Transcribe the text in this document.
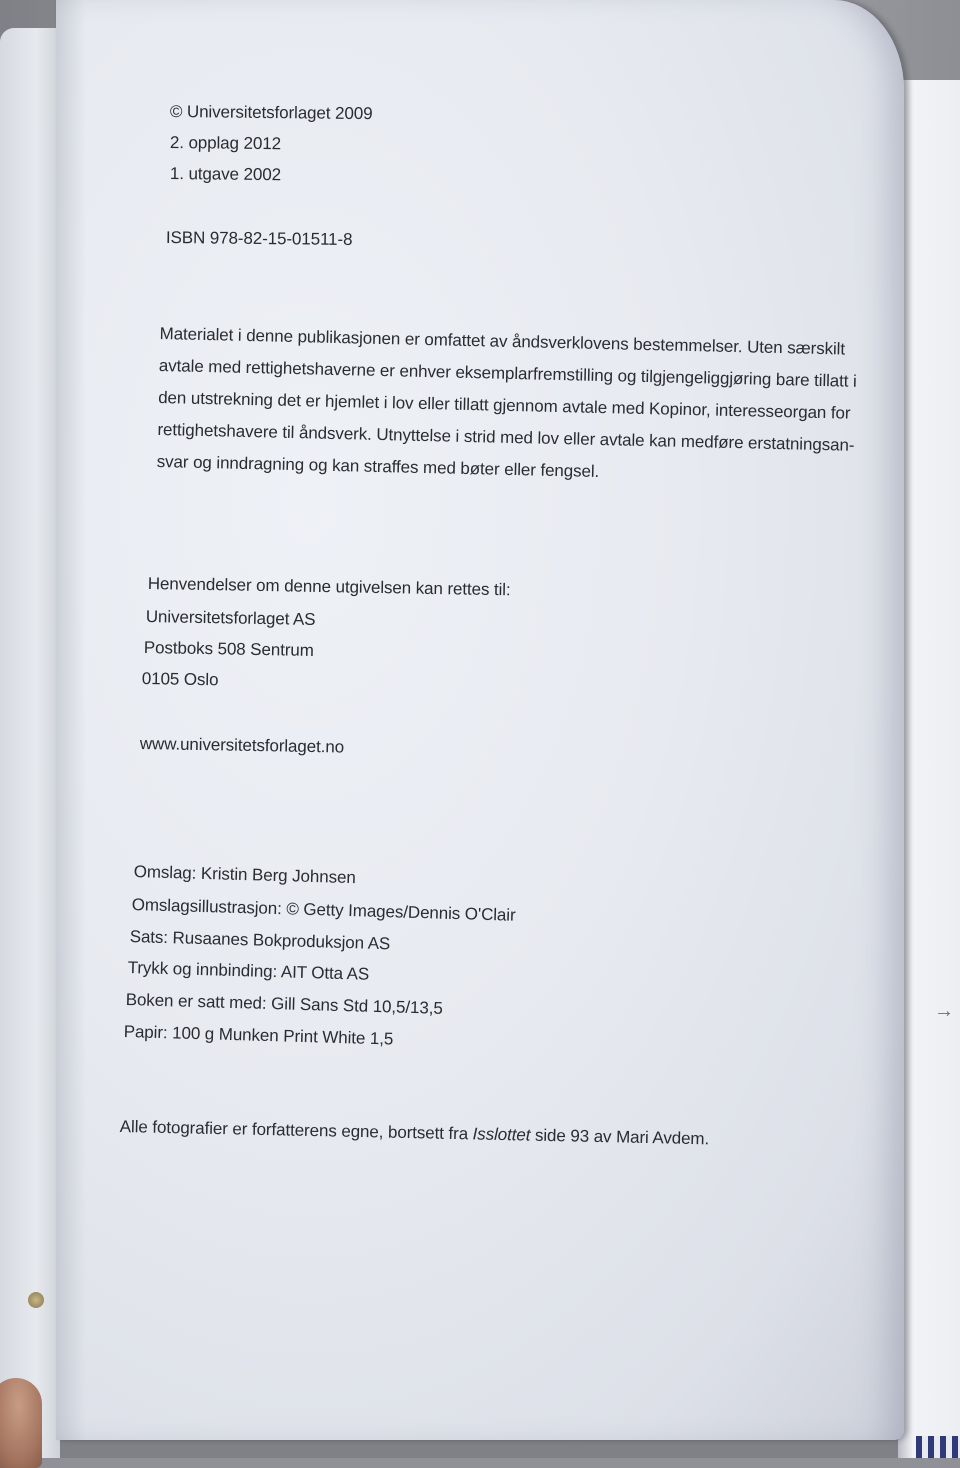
→
© Universitetsforlaget 2009
2. opplag 2012
1. utgave 2002
ISBN 978-82-15-01511-8
Materialet i denne publikasjonen er omfattet av åndsverklovens bestemmelser. Uten særskilt
avtale med rettighetshaverne er enhver eksemplarfremstilling og tilgjengeliggjøring bare tillatt i
den utstrekning det er hjemlet i lov eller tillatt gjennom avtale med Kopinor, interesseorgan for
rettighetshavere til åndsverk. Utnyttelse i strid med lov eller avtale kan medføre erstatningsan-
svar og inndragning og kan straffes med bøter eller fengsel.
Henvendelser om denne utgivelsen kan rettes til:
Universitetsforlaget AS
Postboks 508 Sentrum
0105 Oslo
www.universitetsforlaget.no
Omslag: Kristin Berg Johnsen
Omslagsillustrasjon: © Getty Images/Dennis O'Clair
Sats: Rusaanes Bokproduksjon AS
Trykk og innbinding: AIT Otta AS
Boken er satt med: Gill Sans Std 10,5/13,5
Papir: 100 g Munken Print White 1,5
Alle fotografier er forfatterens egne, bortsett fra Isslottet side 93 av Mari Avdem.
